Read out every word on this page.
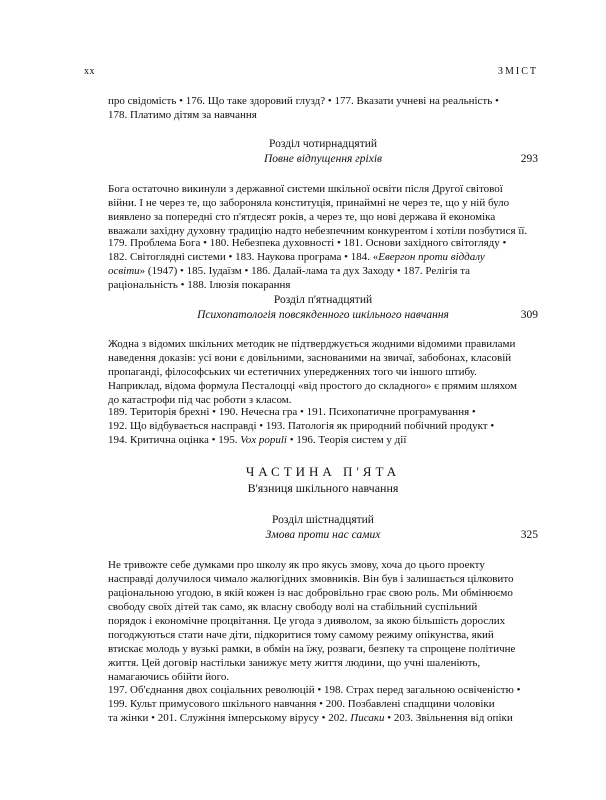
xx	ЗМІСТ
про свідомість • 176. Що таке здоровий глузд? • 177. Вказати учневі на реальність •
178. Платимо дітям за навчання
Розділ чотирнадцятий
Повне відпущення гріхів	293
Бога остаточно викинули з державної системи шкільної освіти після Другої світової
війни. І не через те, що забороняла конституція, принаймні не через те, що у ній було
виявлено за попередні сто п'ятдесят років, а через те, що нові держава й економіка
вважали західну духовну традицію надто небезпечним конкурентом і хотіли позбутися її.
179. Проблема Бога • 180. Небезпека духовності • 181. Основи західного світогляду •
182. Світоглядні системи • 183. Наукова програма • 184. «Евергон проти віддалу
освіти» (1947) • 185. Іудаїзм • 186. Далай-лама та дух Заходу • 187. Релігія та
раціональність • 188. Ілюзія покарання
Розділ п'ятнадцятий
Психопатологія повсякденного шкільного навчання	309
Жодна з відомих шкільних методик не підтверджується жодними відомими правилами
наведення доказів: усі вони є довільними, заснованими на звичаї, забобонах, класовій
пропаганді, філософських чи естетичних упередженнях того чи іншого штибу.
Наприклад, відома формула Песталоцці «від простого до складного» є прямим шляхом
до катастрофи під час роботи з класом.
189. Територія брехні • 190. Нечесна гра • 191. Психопатичне програмування •
192. Що відбувається насправді • 193. Патологія як природний побічний продукт •
194. Критична оцінка • 195. Vox populi • 196. Теорія систем у дії
ЧАСТИНА П'ЯТА
В'язниця шкільного навчання
Розділ шістнадцятий
Змова проти нас самих	325
Не тривожте себе думками про школу як про якусь змову, хоча до цього проекту
насправді долучилося чимало жалюгідних змовників. Він був і залишається цілковито
раціональною угодою, в якій кожен із нас добровільно грає свою роль. Ми обмінюємо
свободу своїх дітей так само, як власну свободу волі на стабільний суспільний
порядок і економічне процвітання. Це угода з дияволом, за якою більшість дорослих
погоджуються стати наче діти, підкоритися тому самому режиму опікунства, який
втискає молодь у вузькі рамки, в обмін на їжу, розваги, безпеку та спрощене політичне
життя. Цей договір настільки занижує мету життя людини, що учні шаленіють,
намагаючись обійти його.
197. Об'єднання двох соціальних революцій • 198. Страх перед загальною освіченістю •
199. Культ примусового шкільного навчання • 200. Позбавлені спадщини чоловіки
та жінки • 201. Служіння імперському вірусу • 202. Писаки • 203. Звільнення від опіки
